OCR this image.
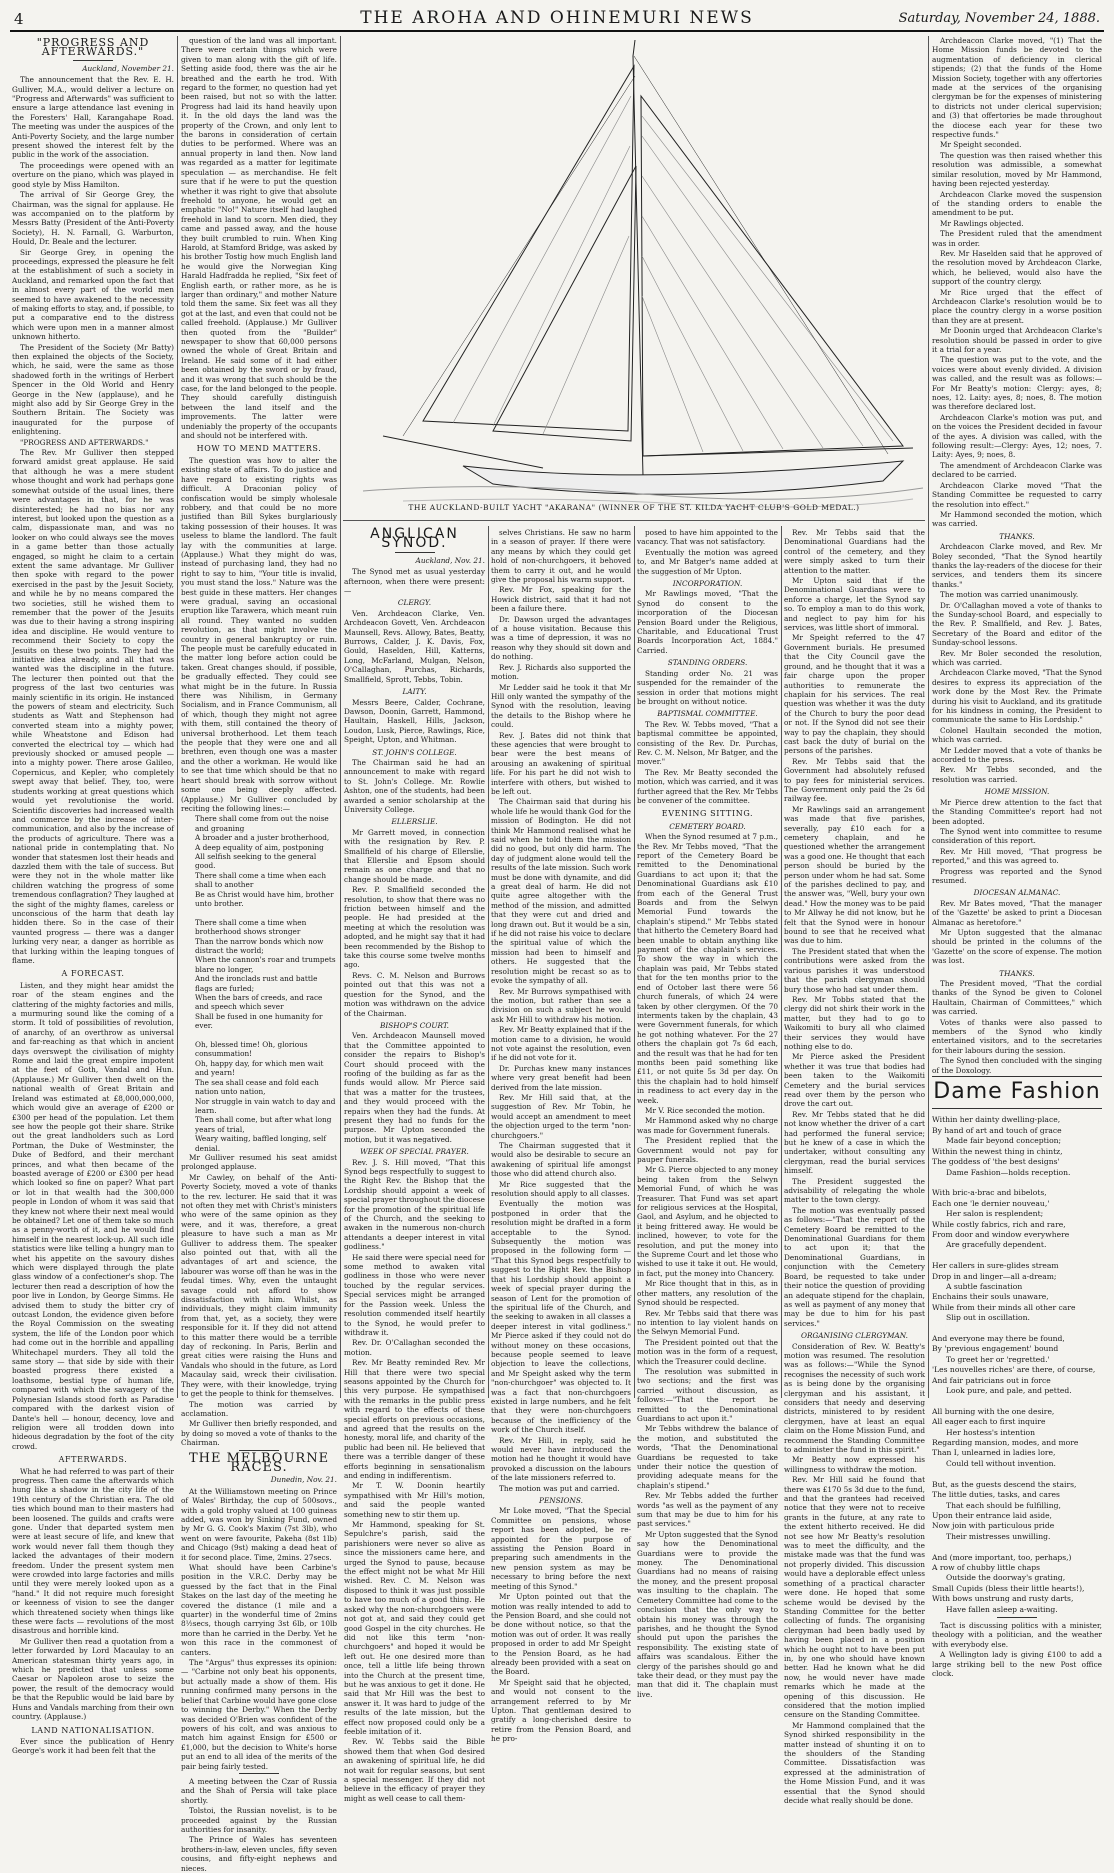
4	THE AROHA AND OHINEMURI NEWS	Saturday, November 24, 1888.
"PROGRESS AND AFTERWARDS."
Auckland, November 21.

The announcement that the Rev. E. H. Gulliver, M.A., would deliver a lecture on "Progress and Afterwards" was sufficient to ensure a large attendance last evening in the Foresters' Hall, Karangahape Road. The meeting was under the auspices of the Anti-Poverty Society, and the large number present showed the interest felt by the public in the work of the association.

The proceedings were opened with an overture on the piano, which was played in good style by Miss Hamilton.

The arrival of Sir George Grey, the Chairman, was the signal for applause. He was accompanied on to the platform by Messrs Batty (President of the Anti-Poverty Society), H. N. Farnall, G. Warburton, Hould, Dr. Beale and the lecturer.

Sir George Grey, in opening the proceedings, expressed the pleasure he felt at the establishment of such a society in Auckland, and remarked upon the fact that in almost every part of the world men seemed to have awakened to the necessity of making efforts to stay, and, if possible, to put a comparative end to the distress which were upon men in a manner almost unknown hitherto.

The President of the Society (Mr Batty) then explained the objects of the Society, which, he said, were the same as those shadowed forth in the writings of Herbert Spencer in the Old World and Henry George in the New (applause), and he might also add by Sir George Grey in the Southern Britain. The Society was inaugurated for the purpose of enlightening.

"PROGRESS AND AFTERWARDS."

The Rev. Mr Gulliver then stepped forward amidst great applause. He said that although he was a mere student whose thought and work had perhaps gone somewhat outside of the usual lines, there were advantages in that, for he was disinterested; he had no bias nor any interest, but looked upon the question as a calm, dispassionate man, and was no looker on who could always see the moves in a game better than those actually engaged, so might he claim to a certain extent the same advantage. Mr Gulliver then spoke with regard to the power exercised in the past by the Jesuit Society, and while he by no means compared the two societies, still he wished them to remember that the power of the Jesuits was due to their having a strong inspiring idea and discipline. He would venture to recommend their Society to copy the Jesuits on these two points. They had the initiative idea already, and all that was wanted was the discipline in the future. The lecturer then pointed out that the progress of the last two centuries was mainly scientific in its origin. He instanced the powers of steam and electricity. Such students as Watt and Stephenson had converted steam into a mighty power, while Wheatstone and Edison had converted the electrical toy — which had previously shocked or amused people — into a mighty power. There arose Galileo, Copernicus, and Kepler, who completely swept away that belief. They, too, were students working at great questions which would yet revolutionise the world. Scientific discoveries had increased wealth and commerce by the increase of inter-communication, and also by the increase of the products of agriculture. There was a national pride in contemplating that. No wonder that statesmen lost their heads and dazzled them with the tale of success. But were they not in the whole matter like children watching the progress of some tremendous conflagration? They laughed at the sight of the mighty flames, careless or unconscious of the harm that death lay hidden there. So in the case of their vaunted progress — there was a danger lurking very near, a danger as horrible as that lurking within the leaping tongues of flame.

A FORECAST.

Listen, and they might hear amidst the roar of the steam engines and the clattering of the mighty factories and mills, a murmuring sound like the coming of a storm. It told of possibilities of revolution, of anarchy, of an overthrow as universal and far-reaching as that which in ancient days overswept the civilisation of mighty Rome and laid the great empire impotent at the feet of Goth, Vandal and Hun. (Applause.) Mr Gulliver then dwelt on the national wealth of Great Britain and Ireland was estimated at £8,000,000,000, which would give an average of £200 or £300 per head of the population. Let them see how the people got their share. Strike out the great landholders such as Lord Portman, the Duke of Westminster, the Duke of Bedford, and their merchant princes, and what then became of the boasted average of £200 or £300 per head which looked so fine on paper? What part or lot in that wealth had the 300,000 people in London of whom it was said that they knew not where their next meal would be obtained? Let one of them take so much as a penny-worth of it, and he would find himself in the nearest lock-up. All such idle statistics were like telling a hungry man to whet his appetite on the savoury dishes which were displayed through the plate glass window of a confectioner's shop. The lecturer then read a description of how the poor live in London, by George Simms. He advised them to study the bitter cry of outcast London, the evidence given before the Royal Commission on the sweating system, the life of the London poor which had come out in the horrible and appalling Whitechapel murders. They all told the same story — that side by side with their boasted progress there existed a loathsome, bestial type of human life, compared with which the savagery of the Polynesian Islands stood forth as Paradise compared with the darkest vision of Dante's hell — honour, decency, love and religion were all trodden down into hideous degradation by the foot of the city crowd.

AFTERWARDS.

What he had referred to was part of their progress. Then came the afterwards which hung like a shadow in the city life of the 19th century of the Christian era. The old ties which bound man to their masters had been loosened. The guilds and crafts were gone. Under that departed system men were at least secure of life, and knew that work would never fall them though they lacked the advantages of their modern freedom. Under the present system men were crowded into large factories and mills until they were merely looked upon as a "hand." It did not require much foresight or keenness of vision to see the danger which threatened society when things like these were facts — revolutions of the most disastrous and horrible kind.

Mr Gulliver then read a quotation from a letter forwarded by Lord Macaulay to an American statesman thirty years ago, in which he predicted that unless some Caesar or Napoleon arose to seize the power, the result of the democracy would be that the Republic would be laid bare by Huns and Vandals marching from their own country. (Applause.)

LAND NATIONALISATION.

Ever since the publication of Henry George's work it had been felt that the

question of the land was all important. There were certain things which were given to man along with the gift of life. Setting aside food, there was the air he breathed and the earth he trod. With regard to the former, no question had yet been raised, but not so with the latter. Progress had laid its hand heavily upon it. In the old days the land was the property of the Crown, and only lent to the barons in consideration of certain duties to be performed. Where was an annual property in land then. Now land was regarded as a matter for legitimate speculation — as merchandise. He felt sure that if he were to put the question whether it was right to give that absolute freehold to anyone, he would get an emphatic "No!" Nature itself had laughed freehold in land to scorn. Men died, they came and passed away, and the house they built crumbled to ruin. When King Harold, at Stamford Bridge, was asked by his brother Tostig how much English land he would give the Norwegian King Harald Hadfradda he replied, "Six feet of English earth, or rather more, as he is larger than ordinary," and mother Nature told them the same. Six feet was all they got at the last, and even that could not be called freehold. (Applause.) Mr Gulliver then quoted from the "Builder" newspaper to show that 60,000 persons owned the whole of Great Britain and Ireland. He said some of it had either been obtained by the sword or by fraud, and it was wrong that such should be the case, for the land belonged to the people. They should carefully distinguish between the land itself and the improvements. The latter were undeniably the property of the occupants and should not be interfered with.

HOW TO MEND MATTERS.

The question was how to alter the existing state of affairs. To do justice and have regard to existing rights was difficult. A Draconian policy of confiscation would be simply wholesale robbery, and that could be no more justified than Bill Sykes burglariously taking possession of their houses. It was useless to blame the landlord. The fault lay with the communities at large. (Applause.) What they might do was, instead of purchasing land, they had no right to say to him, "Your title is invalid, you must stand the loss." Nature was the best guide in these matters. Her changes were gradual, saving an occasional eruption like Tarawera, which meant ruin all round. They wanted no sudden revolution, as that might involve the country in general bankruptcy or ruin. The people must be carefully educated in the matter long before action could be taken. Great changes should, if possible, be gradually effected. They could see what might be in the future. In Russia there was Nihilism, in Germany Socialism, and in France Communism, all of which, though they might not agree with them, still contained the theory of universal brotherhood. Let them teach the people that they were one and all brethren, even though one was a master and the other a workman. He would like to see that time which should be that no heart should break with sorrow without some one being deeply affected. (Applause.) Mr Gulliver concluded by reciting the following lines:—

There shall come from out the noise and groaning
A broader and a juster brotherhood,
A deep equality of aim, postponing
All selfish seeking to the general good.
There shall come a time when each shall to another
Be as Christ would have him, brother unto brother.

There shall come a time when brotherhood shows stronger
Than the narrow bonds which now distract the world;
When the cannon's roar and trumpets blare no longer,
And the ironclads rust and battle flags are furled;
When the bars of creeds, and race and speech which sever
Shall be fused in one humanity for ever.

Oh, blessed time! Oh, glorious consummation!
Oh, happy day, for which men wait and yearn!
The sea shall cease and fold each nation unto nation,
Nor struggle in vain watch to day and learn.
Then shall come, but after what long years of trial,
Weary waiting, baffled longing, self denial.

Mr Gulliver resumed his seat amidst prolonged applause.

Mr Cawley, on behalf of the Anti-Poverty Society, moved a vote of thanks to the rev. lecturer. He said that it was not often they met with Christ's ministers who were of the same opinion as they were, and it was, therefore, a great pleasure to have such a man as Mr Gulliver to address them. The speaker also pointed out that, with all the advantages of art and science, the labourer was worse off than he was in the feudal times. Why, even the untaught savage could not afford to show dissatisfaction with him. Whilst, as individuals, they might claim immunity from that, yet, as a society, they were responsible for it. If they did not attend to this matter there would be a terrible day of reckoning. In Paris, Berlin and great cities were raising the Huns and Vandals who should in the future, as Lord Macaulay said, wreck their civilisation. They were, with their knowledge, trying to get the people to think for themselves.

The motion was carried by acclamation.

Mr Gulliver then briefly responded, and by doing so moved a vote of thanks to the Chairman.

THE MELBOURNE RACES.
Dunedin, Nov. 21.

At the Williamstown meeting on Prince of Wales' Birthday, the cup of 500sovs., with a gold trophy valued at 100 guineas added, was won by Sinking Fund, owned by Mr G. G. Cook's Maxim (7st 3lb), who went on were favourite, Pakeha (8st 1lb) and Chicago (9st) making a dead heat of it for second place. Time, 2mins. 27secs.

What should have been Carbine's position in the V.R.C. Derby may be guessed by the fact that in the Final Stakes on the last day of the meeting he covered the distance (1 mile and a quarter) in the wonderful time of 2mins 8½secs, though carrying 3st 6lb, or 10lb more than he carried in the Derby. Yet he won this race in the commonest of canters.

The "Argus" thus expresses its opinion:— "Carbine not only beat his opponents, but actually made a show of them. His running confirmed many persons in the belief that Carbine would have gone close to winning the Derby." When the Derby was decided O'Brien was confident of the powers of his colt, and was anxious to match him against Ensign for £500 or £1,000, but the decision to White's horse put an end to all idea of the merits of the pair being fairly tested.

A meeting between the Czar of Russia and the Shah of Persia will take place shortly.

Tolstoi, the Russian novelist, is to be proceeded against by the Russian authorities for insanity.

The Prince of Wales has seventeen brothers-in-law, eleven uncles, fifty seven cousins, and fifty-eight nephews and nieces.

THE AUCKLAND-BUILT YACHT "AKARANA" (WINNER OF THE ST. KILDA YACHT CLUB'S GOLD MEDAL.)
ANGLICAN SYNOD.
Auckland, Nov. 21.

The Synod met as usual yesterday afternoon, when there were present:—

CLERGY.

Ven. Archdeacon Clarke, Ven. Archdeacon Govett, Ven. Archdeacon Maunsell, Revs. Allowy, Bates, Beatty, Burrows, Calder, J. K. Davis, Fox, Gould, Haselden, Hill, Katterns, Long, McFarland, Mulgan, Nelson, O'Callaghan, Purchas, Richards, Smallfield, Sprott, Tebbs, Tobin.

LAITY.

Messrs Beere, Calder, Cochrane, Dawson, Doonin, Garrett, Hammond, Haultain, Haskell, Hills, Jackson, Loudon, Lusk, Pierce, Rawlings, Rice, Speight, Upton, and Whitman.

ST. JOHN'S COLLEGE.

The Chairman said he had an announcement to make with regard to St. John's College. Mr. Rowlie Ashton, one of the students, had been awarded a senior scholarship at the University College.

ELLERSLIE.

Mr Garrett moved, in connection with the resignation by Rev. P. Smallfield of his charge of Ellerslie, that Ellerslie and Epsom should remain as one charge and that no change should be made.

Rev. P. Smallfield seconded the resolution, to show that there was no friction between himself and the people. He had presided at the meeting at which the resolution was adopted, and he might say that it had been recommended by the Bishop to take this course some twelve months ago.

Revs. C. M. Nelson and Burrows pointed out that this was not a question for the Synod, and the motion was withdrawn on the advice of the Chairman.

BISHOP'S COURT.

Ven. Archdeacon Maunsell moved that the Committee appointed to consider the repairs to Bishop's Court should proceed with the roofing of the building as far as the funds would allow. Mr Pierce said that was a matter for the trustees, and they would proceed with the repairs when they had the funds. At present they had no funds for the purpose. Mr Upton seconded the motion, but it was negatived.

WEEK OF SPECIAL PRAYER.

Rev. J. S. Hill moved, "That this Synod begs respectfully to suggest to the Right Rev. the Bishop that the Lordship should appoint a week of special prayer throughout the diocese for the promotion of the spiritual life of the Church, and the seeking to awaken in the numerous non-church attendants a deeper interest in vital godliness."

He said there were special need for some method to awaken vital godliness in those who were never touched by the regular services. Special services might be arranged for the Passion week. Unless the resolution commended itself heartily to the Synod, he would prefer to withdraw it.

Rev. Dr. O'Callaghan seconded the motion.

Rev. Mr Beatty reminded Rev. Mr Hill that there were two special seasons appointed by the Church for this very purpose. He sympathised with the remarks in the public press with regard to the effects of these special efforts on previous occasions, and agreed that the results on the honesty, moral life, and charity of the public had been nil. He believed that there was a terrible danger of these efforts beginning in sensationalism and ending in indifferentism.

Mr T. W. Doonin heartily sympathised with Mr Hill's motion, and said the people wanted something new to stir them up.

Mr Hammond, speaking for St. Sepulchre's parish, said the parishioners were never so alive as since the missioners came here, and urged the Synod to pause, because the effect might not be what Mr Hill wished. Rev. C. M. Nelson was disposed to think it was just possible to have too much of a good thing. He asked why the non-churchgoers were not got at, and said they could get good Gospel in the city churches. He did not like this term "non-churchgoers" and hoped it would be left out. He one desired more than once, tell a little life being thrown into the Church at the present time, but he was anxious to get it done. He said that Mr Hill was the best to answer it. It was hard to judge of the results of the late mission, but the effect now proposed could only be a feeble imitation of it.

Rev. W. Tebbs said the Bible showed them that when God desired an awakening of spiritual life, he did not wait for regular seasons, but sent a special messenger. If they did not believe in the efficacy of prayer they might as well cease to call them-

selves Christians. He saw no harm in a season of prayer. If there were any means by which they could get hold of non-churchgoers, it behoved them to carry it out, and he would give the proposal his warm support.

Rev. Mr Fox, speaking for the Howick district, said that it had not been a failure there.

Dr. Dawson urged the advantages of a house visitation. Because this was a time of depression, it was no reason why they should sit down and do nothing.

Rev. J. Richards also supported the motion.

Mr Ledder said he took it that Mr Hill only wanted the sympathy of the Synod with the resolution, leaving the details to the Bishop where he could.

Rev. J. Bates did not think that these agencies that were brought to bear were the best means of arousing an awakening of spiritual life. For his part he did not wish to interfere with others, but wished to be left out.

The Chairman said that during his whole life he would thank God for the mission of Bodington. He did not think Mr Hammond realised what he said when he told them the mission did no good, but only did harm. The day of judgment alone would tell the results of the late mission. Such work must be done with dynamite, and did a great deal of harm. He did not quite agree altogether with the method of the mission, and admitted that they were cut and dried and long drawn out. But it would be a sin, if he did not raise his voice to declare the spiritual value of which the mission had been to himself and others. He suggested that the resolution might be recast so as to evoke the sympathy of all.

Rev. Mr Burrows sympathised with the motion, but rather than see a division on such a subject he would ask Mr Hill to withdraw his motion.

Rev. Mr Beatty explained that if the motion came to a division, he would not vote against the resolution, even if he did not vote for it.

Dr. Purchas knew many instances where very great benefit had been derived from the late mission.

Rev. Mr Hill said that, at the suggestion of Rev. Mr Tobin, he would accept an amendment to meet the objection urged to the term "non-churchgoers."

The Chairman suggested that it would also be desirable to secure an awakening of spiritual life amongst those who did attend church also.

Mr Rice suggested that the resolution should apply to all classes.

Eventually the motion was postponed in order that the resolution might be drafted in a form acceptable to the Synod. Subsequently the motion was proposed in the following form — "That this Synod begs respectfully to suggest to the Right Rev. the Bishop that his Lordship should appoint a week of special prayer during the season of Lent for the promotion of the spiritual life of the Church, and the seeking to awaken in all classes a deeper interest in vital godliness." Mr Pierce asked if they could not do without money on these occasions, because people seemed to leave objection to leave the collections, and Mr Speight asked why the term "non-churchgoer" was objected to. It was a fact that non-churchgoers existed in large numbers, and he felt that they were non-churchgoers because of the inefficiency of the work of the Church itself.

Rev. Mr Hill, in reply, said he would never have introduced the motion had he thought it would have provoked a discussion on the labours of the late missioners referred to.

The motion was put and carried.

PENSIONS.

Mr Loke moved, "That the Special Committee on pensions, whose report has been adopted, be re-appointed for the purpose of assisting the Pension Board in preparing such amendments in the new pension system as may be necessary to bring before the next meeting of this Synod."

Mr Upton pointed out that the motion was really intended to add to the Pension Board, and she could not be done without notice, so that the motion was out of order. It was really proposed in order to add Mr Speight to the Pension Board, as he had already been provided with a seat on the Board.

Mr Speight said that he objected, and would not consent to the arrangement referred to by Mr Upton. That gentleman desired to gratify a long-cherished desire to retire from the Pension Board, and he pro-

posed to have him appointed to the vacancy. That was not satisfactory.

Eventually the motion was agreed to, and Mr Batger's name added at the suggestion of Mr Upton.

INCORPORATION.

Mr Rawlings moved, "That the Synod do consent to the incorporation of the Diocesan Pension Board under the Religious, Charitable, and Educational Trust Boards Incorporation Act, 1884." Carried.

STANDING ORDERS.

Standing order No. 21 was suspended for the remainder of the session in order that motions might be brought on without notice.

BAPTISMAL COMMITTEE.

The Rev. W. Tebbs moved, "That a baptismal committee be appointed, consisting of the Rev. Dr. Purchas, Rev. C. M. Nelson, Mr Batger, and the mover."

The Rev. Mr Beatty seconded the motion, which was carried, and it was further agreed that the Rev. Mr Tebbs be convener of the committee.

EVENING SITTING.
CEMETERY BOARD.

When the Synod resumed at 7 p.m., the Rev. Mr Tebbs moved, "That the report of the Cemetery Board be remitted to the Denominational Guardians to act upon it; that the Denominational Guardians ask £10 from each of the General Trust Boards and from the Selwyn Memorial Fund towards the chaplain's stipend." Mr Tebbs stated that hitherto the Cemetery Board had been unable to obtain anything like payment of the chaplain's services. To show the way in which the chaplain was paid, Mr Tebbs stated that for the ten months prior to the end of October last there were 56 church funerals, of which 24 were taken by other clergymen. Of the 70 interments taken by the chaplain, 43 were Government funerals, for which he got nothing whatever. For the 27 others the chaplain got 7s 6d each, and the result was that he had for ten months been paid something like £11, or not quite 5s 3d per day. On this the chaplain had to hold himself in readiness to act every day in the week.

Mr V. Rice seconded the motion.

Mr Hammond asked why no charge was made for Government funerals.

The President replied that the Government would not pay for pauper funerals.

Mr G. Pierce objected to any money being taken from the Selwyn Memorial Fund, of which he was Treasurer. That Fund was set apart for religious services at the Hospital, Gaol, and Asylum, and he objected to it being frittered away. He would be inclined, however, to vote for the resolution, and put the money into the Supreme Court and let those who wished to use it take it out. He would, in fact, put the money into Chancery.

Mr Rice thought that in this, as in other matters, any resolution of the Synod should be respected.

Rev. Mr Tebbs said that there was no intention to lay violent hands on the Selwyn Memorial Fund.

The President pointed out that the motion was in the form of a request, which the Treasurer could decline.

The resolution was submitted in two sections; and the first was carried without discussion, as follows:—"That the report be remitted to the Denominational Guardians to act upon it."

Mr Tebbs withdrew the balance of the motion, and substituted the words, "That the Denominational Guardians be requested to take under their notice the question of providing adequate means for the chaplain's stipend."

Rev. Mr Tebbs added the further words "as well as the payment of any sum that may be due to him for his past services."

Mr Upton suggested that the Synod say how the Denominational Guardians were to provide the money. The Denominational Guardians had no means of raising the money, and the present proposal was insulting to the chaplain. The Cemetery Committee had come to the conclusion that the only way to obtain his money was through the parishes, and he thought the Synod should put upon the parishes the responsibility. The existing state of affairs was scandalous. Either the clergy of the parishes should go and take their dead, or they must pay the man that did it. The chaplain must live.

Rev. Mr Tebbs said that the Denominational Guardians had the control of the cemetery, and they were simply asked to turn their attention to the matter.

Mr Upton said that if the Denominational Guardians were to enforce a charge, let the Synod say so. To employ a man to do this work, and neglect to pay him for his services, was little short of immoral.

Mr Speight referred to the 47 Government burials. He presumed that the City Council gave the ground, and he thought that it was a fair charge upon the proper authorities to remunerate the chaplain for his services. The real question was whether it was the duty of the Church to bury the poor dead or not. If the Synod did not see their way to pay the chaplain, they should cast back the duty of burial on the persons of the parishes.

Rev. Mr Tebbs said that the Government had absolutely refused to pay fees for ministerial services. The Government only paid the 2s 6d railway fee.

Mr Rawlings said an arrangement was made that five parishes, severally, pay £10 each for a cemetery chaplain, and he questioned whether the arrangement was a good one. He thought that each person should be buried by the person under whom he had sat. Some of the parishes declined to pay, and the answer was, "Well, bury your own dead." How the money was to be paid to Mr Allway he did not know, but he felt that the Synod were in honour bound to see that he received what was due to him.

The President stated that when the contributions were asked from the various parishes it was understood that the parish clergyman should bury those who had sat under them.

Rev. Mr Tobbs stated that the clergy did not shirk their work in the matter, but they had to go to Waikomiti to bury all who claimed their services they would have nothing else to do.

Mr Pierce asked the President whether it was true that bodies had been taken to the Waikomiti Cemetery and the burial services read over them by the person who drove the cart out.

Rev. Mr Tebbs stated that he did not know whether the driver of a cart had performed the funeral service; but he knew of a case in which the undertaker, without consulting any clergyman, read the burial services himself.

The President suggested the advisability of relegating the whole matter to the town clergy.

The motion was eventually passed as follows:—"That the report of the Cemetery Board be remitted to the Denominational Guardians for them to act upon it; that the Denominational Guardians, in conjunction with the Cemetery Board, be requested to take under their notice the question of providing an adequate stipend for the chaplain, as well as payment of any money that may be due to him for his past services."

ORGANISING CLERGYMAN.

Consideration of Rev. W. Beatty's motion was resumed. The resolution was as follows:—"While the Synod recognises the necessity of such work as is being done by the organising clergyman and his assistant, it considers that needy and deserving districts, ministered to by resident clergymen, have at least an equal claim on the Home Mission Fund, and recommend the Standing Committee to administer the fund in this spirit."

Mr Beatty now expressed his willingness to withdraw the motion.

Rev. Mr Hill said he found that there was £170 5s 3d due to the fund, and that the grantees had received notice that they were not to receive grants in the future, at any rate to the extent hitherto received. He did not see how Mr Beatty's resolution was to meet the difficulty, and the mistake made was that the fund was not properly divided. This discussion would have a deplorable effect unless something of a practical character were done. He hoped that some scheme would be devised by the Standing Committee for the better collecting of funds. The organising clergyman had been badly used by having been placed in a position which he ought not to have been put in, by one who should have known better. Had he known what he did now, he would never have made remarks which he made at the opening of this discussion. He considered that the motion implied censure on the Standing Committee.

Mr Hammond complained that the Synod shirked responsibility in the matter instead of shunting it on to the shoulders of the Standing Committee. Dissatisfaction was expressed at the administration of the Home Mission Fund, and it was essential that the Synod should decide what really should be done.

Archdeacon Clarke moved, "(1) That the Home Mission funds be devoted to the augmentation of deficiency in clerical stipends; (2) that the funds of the Home Mission Society, together with any offertories made at the services of the organising clergyman be for the expenses of ministering to districts not under clerical supervision; and (3) that offertories be made throughout the diocese each year for these two respective funds."

Mr Speight seconded.

The question was then raised whether this resolution was admissible, a somewhat similar resolution, moved by Mr Hammond, having been rejected yesterday.

Archdeacon Clarke moved the suspension of the standing orders to enable the amendment to be put.

Mr Rawlings objected.

The President ruled that the amendment was in order.

Rev. Mr Haselden said that he approved of the resolution moved by Archdeacon Clarke, which, he believed, would also have the support of the country clergy.

Mr Rice urged that the effect of Archdeacon Clarke's resolution would be to place the country clergy in a worse position than they are at present.

Mr Doonin urged that Archdeacon Clarke's resolution should be passed in order to give it a trial for a year.

The question was put to the vote, and the voices were about evenly divided. A division was called, and the result was as follows:—For Mr Beatty's motion: Clergy: ayes, 8; noes, 12. Laity: ayes, 8; noes, 8. The motion was therefore declared lost.

Archdeacon Clarke's motion was put, and on the voices the President decided in favour of the ayes. A division was called, with the following result:—Clergy: Ayes, 12; noes, 7. Laity: Ayes, 9; noes, 8.

The amendment of Archdeacon Clarke was declared to be carried.

Archdeacon Clarke moved "That the Standing Committee be requested to carry the resolution into effect."

Mr Hammond seconded the motion, which was carried.

THANKS.

Archdeacon Clarke moved, and Rev. Mr Boley seconded, "That the Synod heartily thanks the lay-readers of the diocese for their services, and tenders them its sincere thanks."

The motion was carried unanimously.

Dr. O'Callaghan moved a vote of thanks to the Sunday-school Board, and especially to the Rev. P. Smallfield, and Rev. J. Bates, Secretary of the Board and editor of the Sunday-school lessons.

Rev. Mr Boler seconded the resolution, which was carried.

Archdeacon Clarke moved, "That the Synod desires to express its appreciation of the work done by the Most Rev. the Primate during his visit to Auckland, and its gratitude for his kindness in coming, the President to communicate the same to His Lordship."

Colonel Haultain seconded the motion, which was carried.

Mr Ledder moved that a vote of thanks be accorded to the press.

Rev. Mr Tebbs seconded, and the resolution was carried.

HOME MISSION.

Mr Pierce drew attention to the fact that the Standing Committee's report had not been adopted.

The Synod went into committee to resume consideration of this report.

Rev. Mr Hill moved, "That progress be reported," and this was agreed to.

Progress was reported and the Synod resumed.

DIOCESAN ALMANAC.

Rev. Mr Bates moved, "That the manager of the 'Gazette' be asked to print a Diocesan Almanac as heretofore."

Mr Upton suggested that the almanac should be printed in the columns of the 'Gazette' on the score of expense. The motion was lost.

THANKS.

The President moved, "That the cordial thanks of the Synod be given to Colonel Haultain, Chairman of Committees," which was carried.

Votes of thanks were also passed to members of the Synod who kindly entertained visitors, and to the secretaries for their labours during the session.

The Synod then concluded with the singing of the Doxology.

Dame Fashion
Within her dainty dwelling-place,
By hand of art and touch of grace
Made fair beyond conception;
Within the newest thing in chintz,
The goddess of 'the best designs'
Dame Fashion—holds reception.

With bric-a-brac and bibelots,
Each one 'le dernier nouveau,'
Her salon is resplendent;
While costly fabrics, rich and rare,
From door and window everywhere
Are gracefully dependent.

Her callers in sure-glides stream
Drop in and linger—all a-dream;
A subtle fascination
Enchains their souls unaware,
While from their minds all other care
Slip out in oscillation.

And everyone may there be found,
By 'previous engagement' bound
To greet her or 'regretted.'
'Les nouvelles riches' are there, of course,
And fair patricians out in force
Look pure, and pale, and petted.

All burning with the one desire,
All eager each to first inquire
Her hostess's intention
Regarding mansion, modes, and more
Than I, unlearned in ladies lore,
Could tell without invention.

But, as the guests descend the stairs,
The little duties, tasks, and cares
That each should be fulfilling,
Upon their entrance laid aside,
Now join with particulous pride
Their mistresses unwilling.

And (more important, too, perhaps,)
A row of chubby little chaps
Outside the doorway's grating,
Small Cupids (bless their little hearts!),
With bows unstrung and rusty darts,
Have fallen asleep a-waiting.

Tact is discussing politics with a minister, theology with a politician, and the weather with everybody else.

A Wellington lady is giving £100 to add a large striking bell to the new Post office clock.
